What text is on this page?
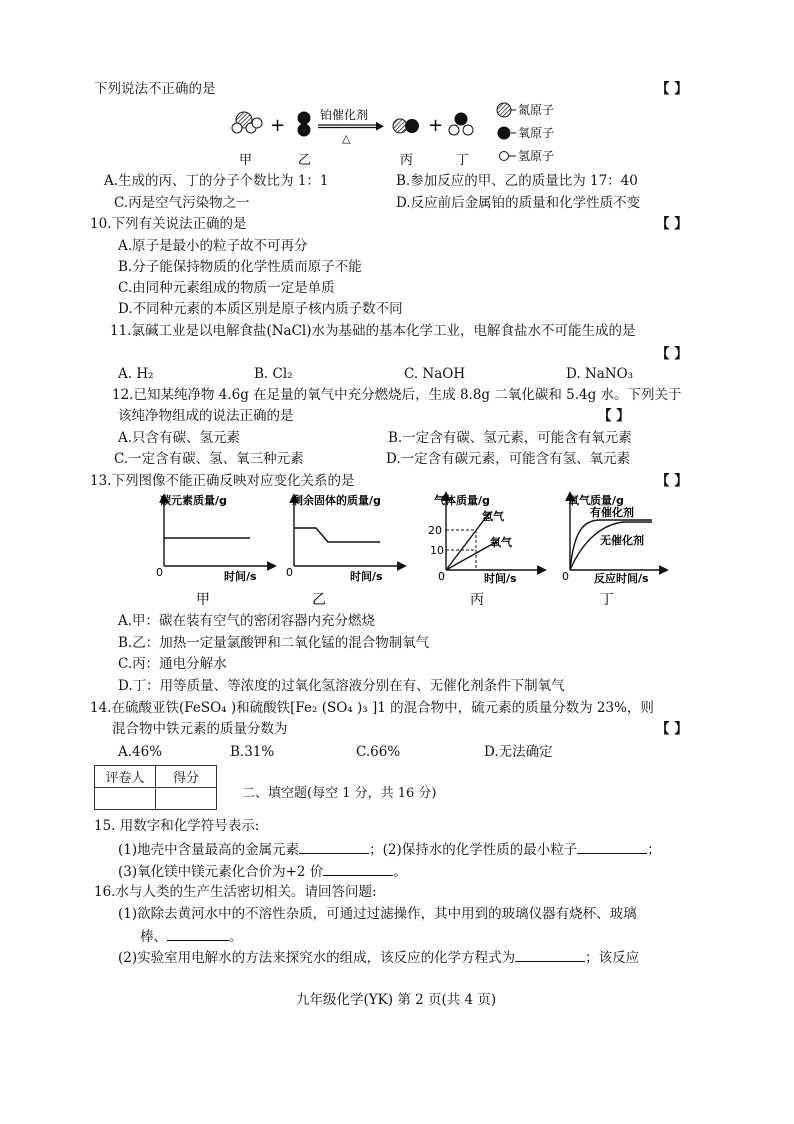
下列说法不正确的是	【 】
+	铂催化剂
△
+
甲	乙	丙	丁
氮原子
氧原子
氢原子
A.生成的丙、丁的分子个数比为 1：1	B.参加反应的甲、乙的质量比为 17：40
C.丙是空气污染物之一	D.反应前后金属铂的质量和化学性质不变
10.下列有关说法正确的是	【 】
A.原子是最小的粒子故不可再分
B.分子能保持物质的化学性质而原子不能
C.由同种元素组成的物质一定是单质
D.不同种元素的本质区别是原子核内质子数不同
11.氯碱工业是以电解食盐(NaCl)水为基础的基本化学工业，电解食盐水不可能生成的是
【 】
A. H₂	B. Cl₂	C. NaOH	D. NaNO₃
12.已知某纯净物 4.6g 在足量的氧气中充分燃烧后，生成 8.8g 二氧化碳和 5.4g 水。下列关于
该纯净物组成的说法正确的是	【 】
A.只含有碳、氢元素	B.一定含有碳、氢元素，可能含有氧元素
C.一定含有碳、氢、氧三种元素	D.一定含有碳元素，可能含有氢、氧元素
13.下列图像不能正确反映对应变化关系的是	【 】
碳元素质量/g
0	时间/s
甲
剩余固体的质量/g
0	时间/s
乙
气体质量/g
20
10
0
氢气
氧气
时间/s
丙
氧气质量/g
0
有催化剂
无催化剂
反应时间/s
丁
A.甲：碳在装有空气的密闭容器内充分燃烧
B.乙：加热一定量氯酸钾和二氧化锰的混合物制氧气
C.丙：通电分解水
D.丁：用等质量、等浓度的过氧化氢溶液分别在有、无催化剂条件下制氧气
14.在硫酸亚铁(FeSO₄ )和硫酸铁[Fe₂ (SO₄ )₃ ]1 的混合物中，硫元素的质量分数为 23%，则
混合物中铁元素的质量分数为	【 】
A.46%	B.31%	C.66%	D.无法确定
评卷人	得分

二、填空题(每空 1 分，共 16 分)
15. 用数字和化学符号表示:
(1)地壳中含量最高的金属元素	；(2)保持水的化学性质的最小粒子	；
(3)氧化镁中镁元素化合价为+2 价	。
16.水与人类的生产生活密切相关。请回答问题:
(1)欲除去黄河水中的不溶性杂质，可通过过滤操作，其中用到的玻璃仪器有烧杯、玻璃
棒、	。
(2)实验室用电解水的方法来探究水的组成，该反应的化学方程式为	；该反应
九年级化学(YK) 第 2 页(共 4 页)
